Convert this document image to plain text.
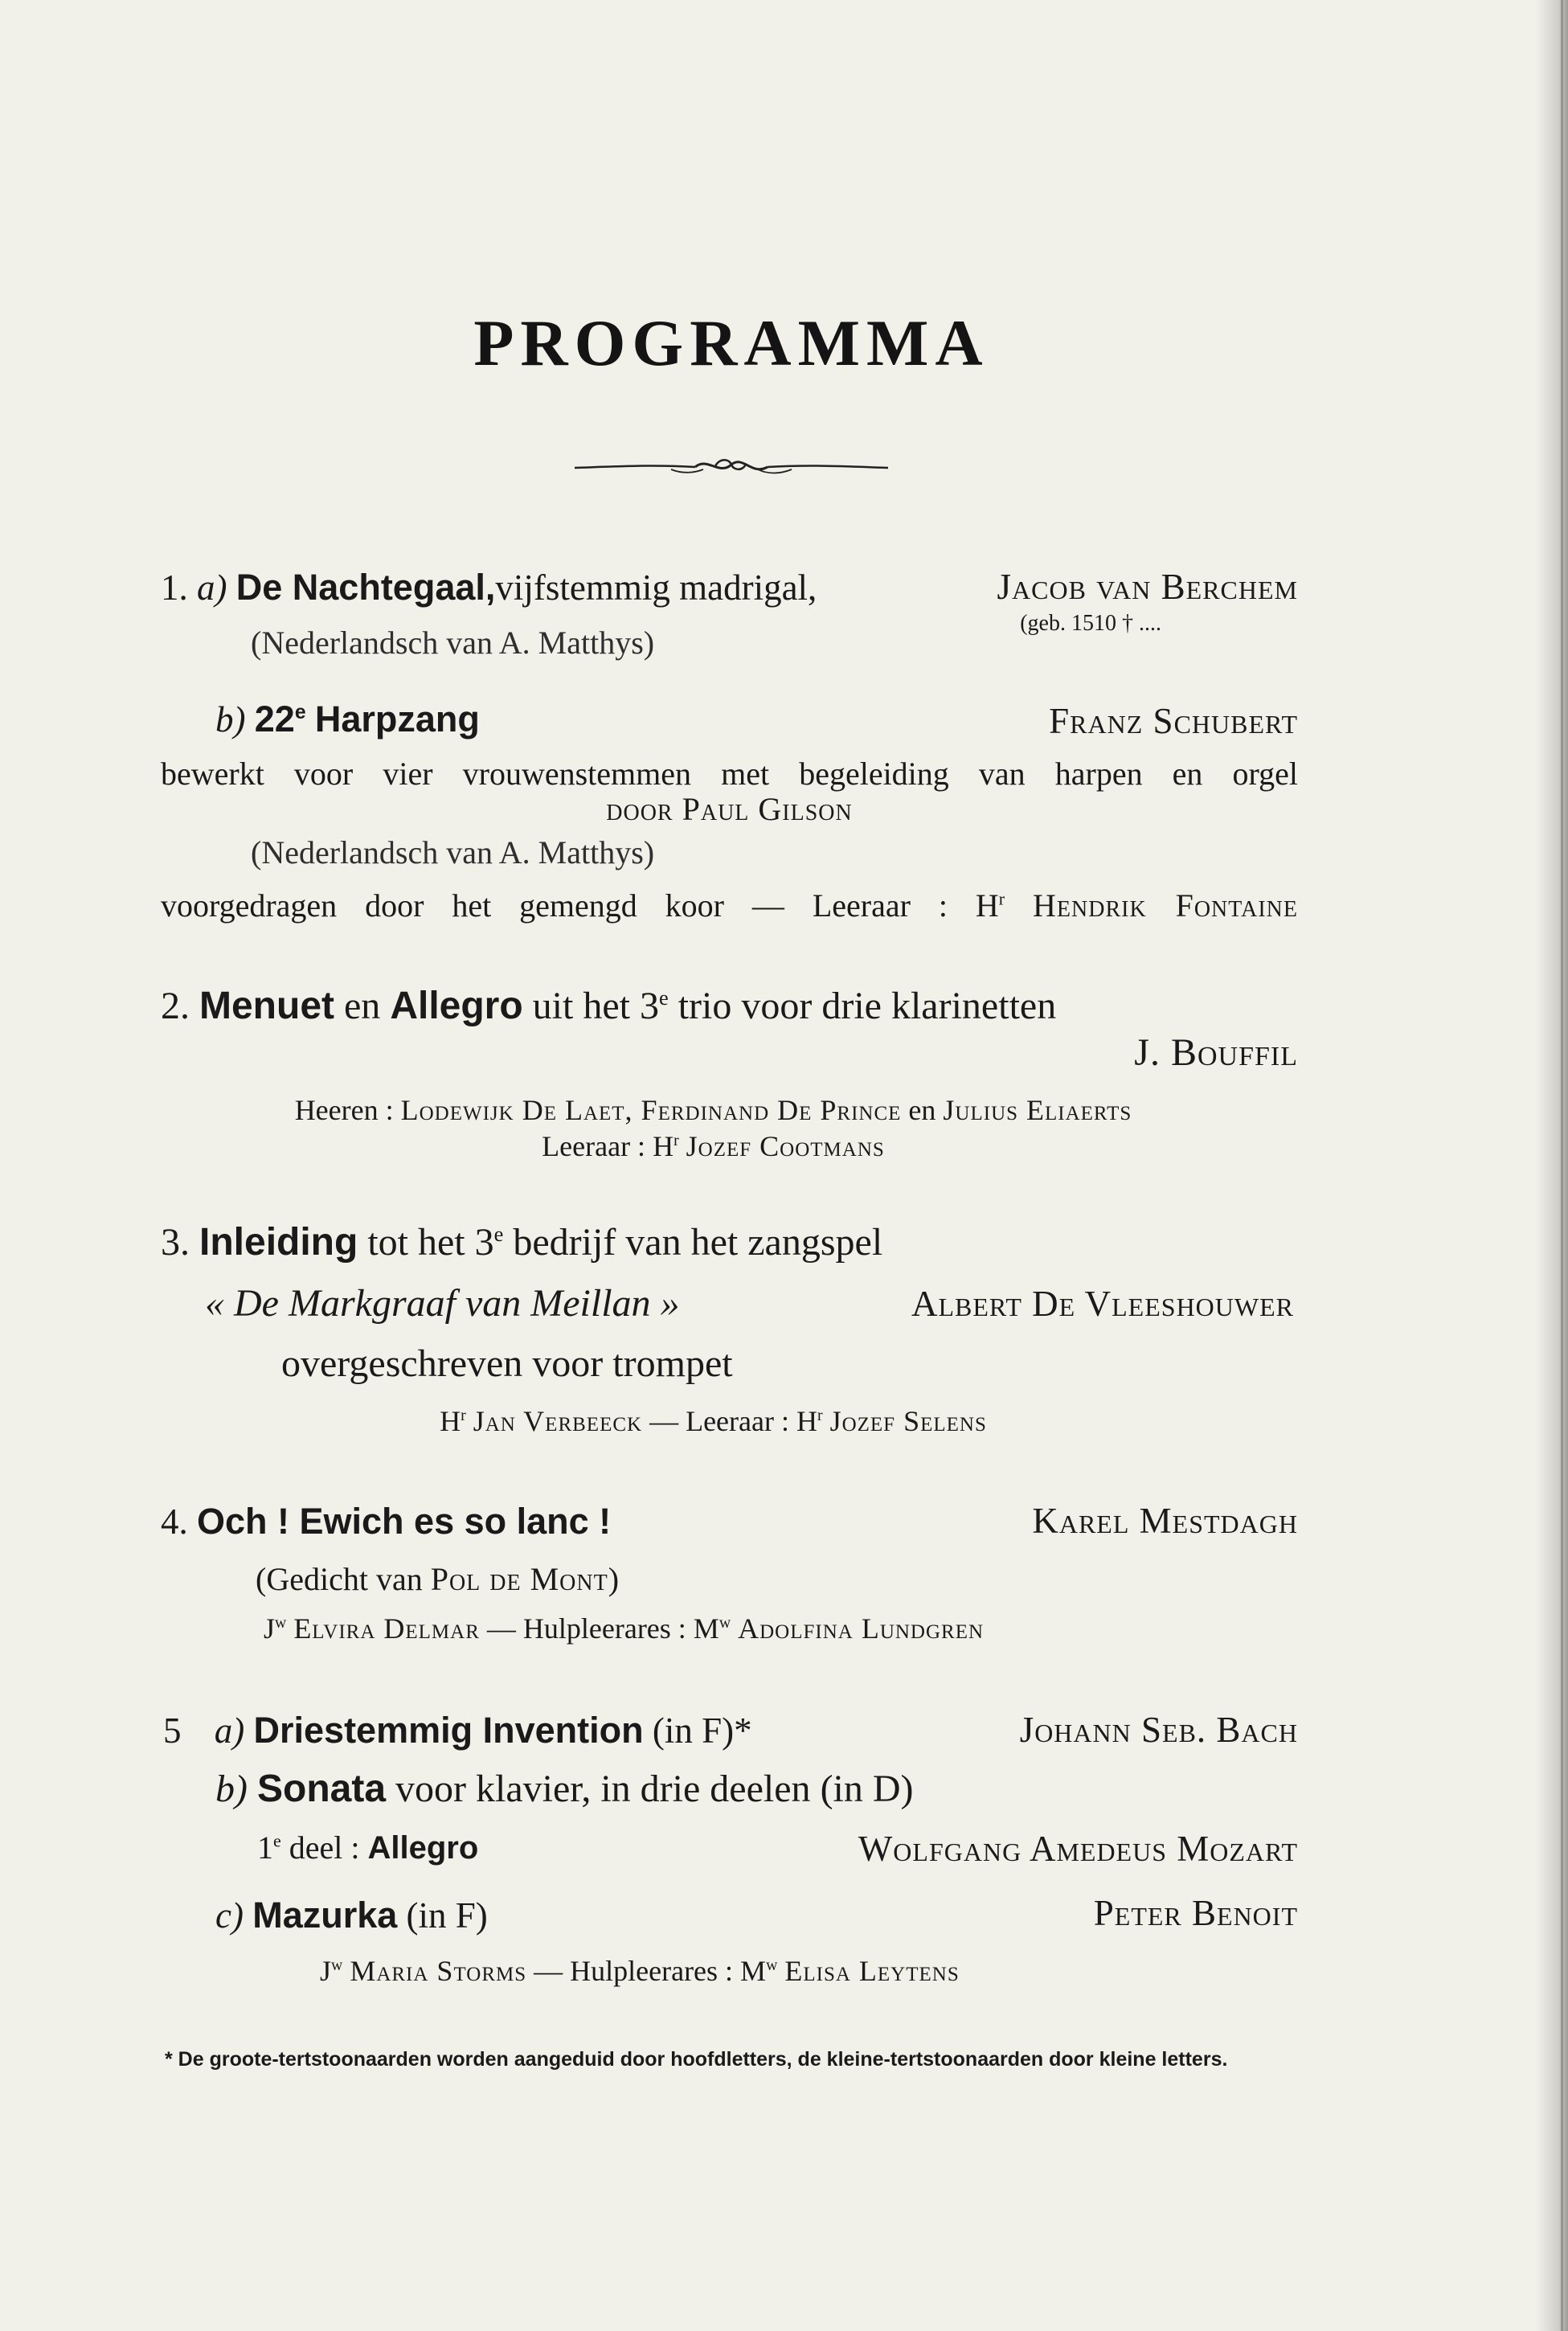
PROGRAMMA
1. a) De Nachtegaal,vijfstemmig madrigal,	Jacob van Berchem
(geb. 1510 † ....
(Nederlandsch van A. Matthys)
b) 22e Harpzang	Franz Schubert
bewerkt voor vier vrouwenstemmen met begeleiding van harpen en orgel
door Paul Gilson
(Nederlandsch van A. Matthys)
voorgedragen door het gemengd koor — Leeraar : $H^r$ Hendrik Fontaine
2. Menuet en Allegro uit het 3e trio voor drie klarinetten
J. Bouffil
Heeren : Lodewijk De Laet, Ferdinand De Prince en Julius Eliaerts
Leeraar : $H^r$ Jozef Cootmans
3. Inleiding tot het 3e bedrijf van het zangspel
« De Markgraaf van Meillan »	Albert De Vleeshouwer
overgeschreven voor trompet
$H^r$ Jan Verbeeck — Leeraar : $H^r$ Jozef Selens
4. Och ! Ewich es so lanc !	Karel Mestdagh
(Gedicht van Pol de Mont)
$J^w$ Elvira Delmar — Hulpleerares : $M^w$ Adolfina Lundgren
5 a) Driestemmig Invention (in F)*	Johann Seb. Bach
b) Sonata voor klavier, in drie deelen (in D)
1e deel : Allegro	Wolfgang Amedeus Mozart
c) Mazurka (in F)	Peter Benoit
$J^w$ Maria Storms — Hulpleerares : $M^w$ Elisa Leytens
* De groote-tertstoonaarden worden aangeduid door hoofdletters, de kleine-tertstoonaarden door kleine letters.
